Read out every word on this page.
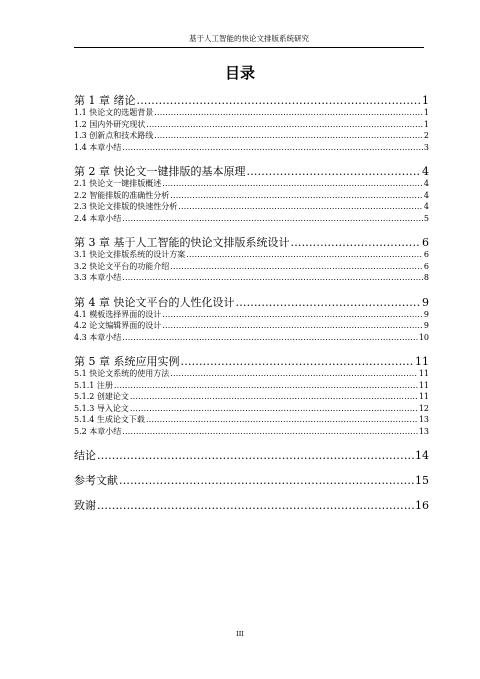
基于人工智能的快论文排版系统研究
目录
第 1 章 绪论 .....	1
1.1 快论文的选题背景 .....	1
1.2 国内外研究现状 .....	1
1.3 创新点和技术路线 .....	2
1.4 本章小结 .....	3
第 2 章 快论文一键排版的基本原理 .....	4
2.1 快论文一键排版概述 .....	4
2.2 智能排版的准确性分析 .....	4
2.3 快论文排版的快速性分析 .....	4
2.4 本章小结 .....	5
第 3 章 基于人工智能的快论文排版系统设计 .....	6
3.1 快论文排版系统的设计方案 .....	6
3.2 快论文平台的功能介绍 .....	6
3.3 本章小结 .....	8
第 4 章 快论文平台的人性化设计 .....	9
4.1 模板选择界面的设计 .....	9
4.2 论文编辑界面的设计 .....	9
4.3 本章小结 .....	10
第 5 章 系统应用实例 .....	11
5.1 快论文系统的使用方法 .....	11
5.1.1 注册 .....	11
5.1.2 创建论文 .....	11
5.1.3 导入论文 .....	12
5.1.4 生成论文下载 .....	13
5.2 本章小结 .....	13
结论 .....	14
参考文献 .....	15
致谢 .....	16
III
